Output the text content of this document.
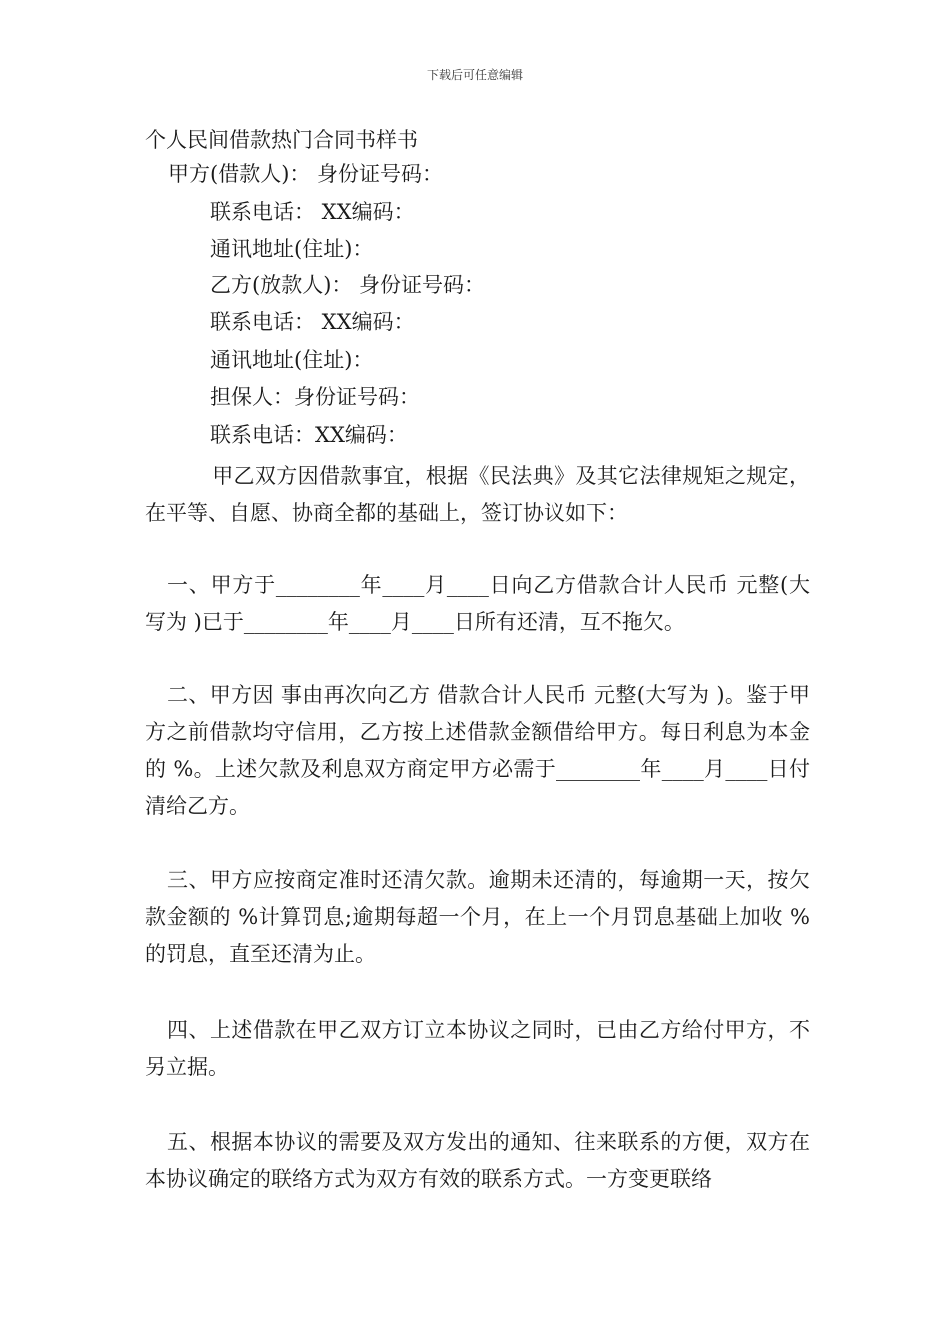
下载后可任意编辑
个人民间借款热门合同书样书
甲方(借款人)： 身份证号码：
联系电话： XX编码：
通讯地址(住址)：
乙方(放款人)： 身份证号码：
联系电话： XX编码：
通讯地址(住址)：
担保人：身份证号码：
联系电话：XX编码：
甲乙双方因借款事宜，根据《民法典》及其它法律规矩之规定，在平等、自愿、协商全都的基础上，签订协议如下：
一、甲方于________年____月____日向乙方借款合计人民币 元整(大写为 )已于________年____月____日所有还清，互不拖欠。
二、甲方因 事由再次向乙方 借款合计人民币 元整(大写为 )。鉴于甲方之前借款均守信用，乙方按上述借款金额借给甲方。每日利息为本金的 %。上述欠款及利息双方商定甲方必需于________年____月____日付清给乙方。
三、甲方应按商定准时还清欠款。逾期未还清的，每逾期一天，按欠款金额的 %计算罚息;逾期每超一个月，在上一个月罚息基础上加收 %的罚息，直至还清为止。
四、上述借款在甲乙双方订立本协议之同时，已由乙方给付甲方，不另立据。
五、根据本协议的需要及双方发出的通知、往来联系的方便，双方在本协议确定的联络方式为双方有效的联系方式。一方变更联络
